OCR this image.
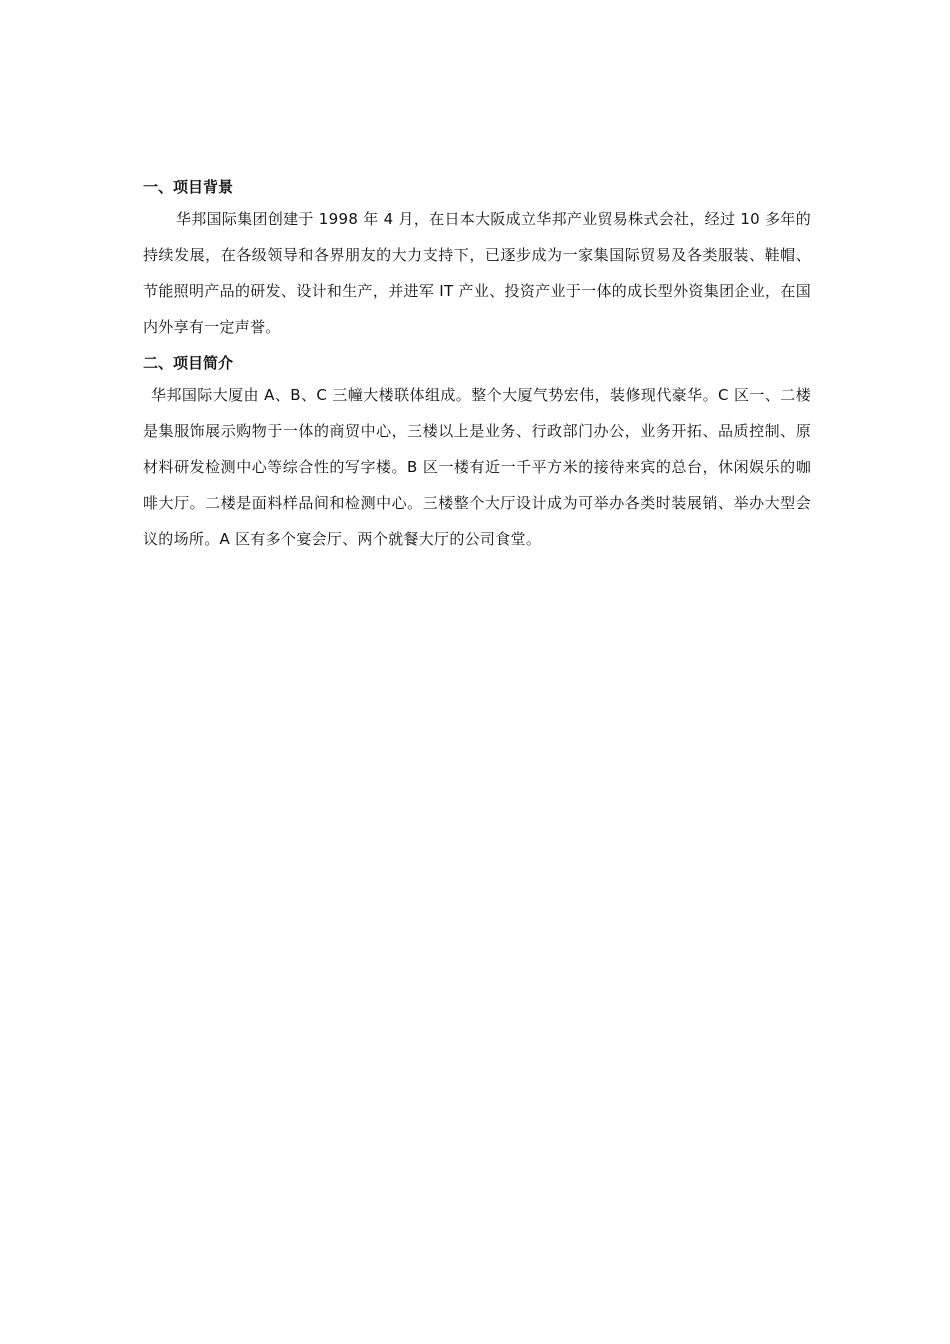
一、项目背景

华邦国际集团创建于 1998 年 4 月，在日本大阪成立华邦产业贸易株式会社，经过 10 多年的持续发展，在各级领导和各界朋友的大力支持下，已逐步成为一家集国际贸易及各类服装、鞋帽、节能照明产品的研发、设计和生产，并进军 IT 产业、投资产业于一体的成长型外资集团企业，在国内外享有一定声誉。

二、项目简介

华邦国际大厦由 A、B、C 三幢大楼联体组成。整个大厦气势宏伟，装修现代豪华。C 区一、二楼是集服饰展示购物于一体的商贸中心，三楼以上是业务、行政部门办公，业务开拓、品质控制、原材料研发检测中心等综合性的写字楼。B 区一楼有近一千平方米的接待来宾的总台，休闲娱乐的咖啡大厅。二楼是面料样品间和检测中心。三楼整个大厅设计成为可举办各类时装展销、举办大型会议的场所。A 区有多个宴会厅、两个就餐大厅的公司食堂。
